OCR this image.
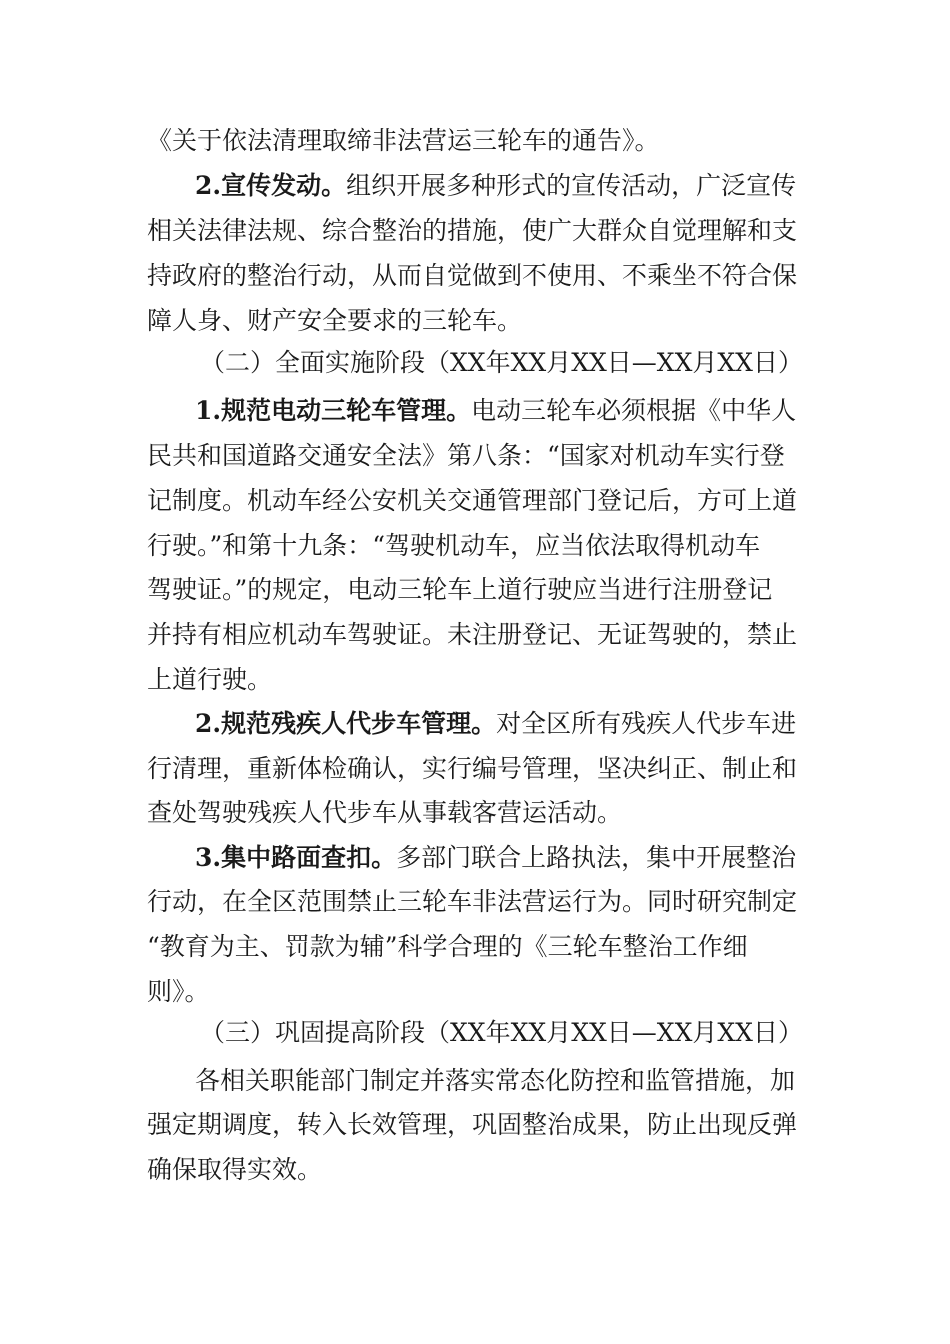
《关于依法清理取缔非法营运三轮车的通告》。
2.宣传发动。组织开展多种形式的宣传活动，广泛宣传
相关法律法规、综合整治的措施，使广大群众自觉理解和支
持政府的整治行动，从而自觉做到不使用、不乘坐不符合保
障人身、财产安全要求的三轮车。
（二）全面实施阶段（XX年XX月XX日—XX月XX日）
1.规范电动三轮车管理。电动三轮车必须根据《中华人
民共和国道路交通安全法》第八条：“国家对机动车实行登
记制度。机动车经公安机关交通管理部门登记后，方可上道
行驶。”和第十九条：“驾驶机动车，应当依法取得机动车
驾驶证。”的规定，电动三轮车上道行驶应当进行注册登记
并持有相应机动车驾驶证。未注册登记、无证驾驶的，禁止
上道行驶。
2.规范残疾人代步车管理。对全区所有残疾人代步车进
行清理，重新体检确认，实行编号管理，坚决纠正、制止和
查处驾驶残疾人代步车从事载客营运活动。
3.集中路面查扣。多部门联合上路执法，集中开展整治
行动，在全区范围禁止三轮车非法营运行为。同时研究制定
“教育为主、罚款为辅”科学合理的《三轮车整治工作细
则》。
（三）巩固提高阶段（XX年XX月XX日—XX月XX日）
各相关职能部门制定并落实常态化防控和监管措施，加
强定期调度，转入长效管理，巩固整治成果，防止出现反弹
确保取得实效。
